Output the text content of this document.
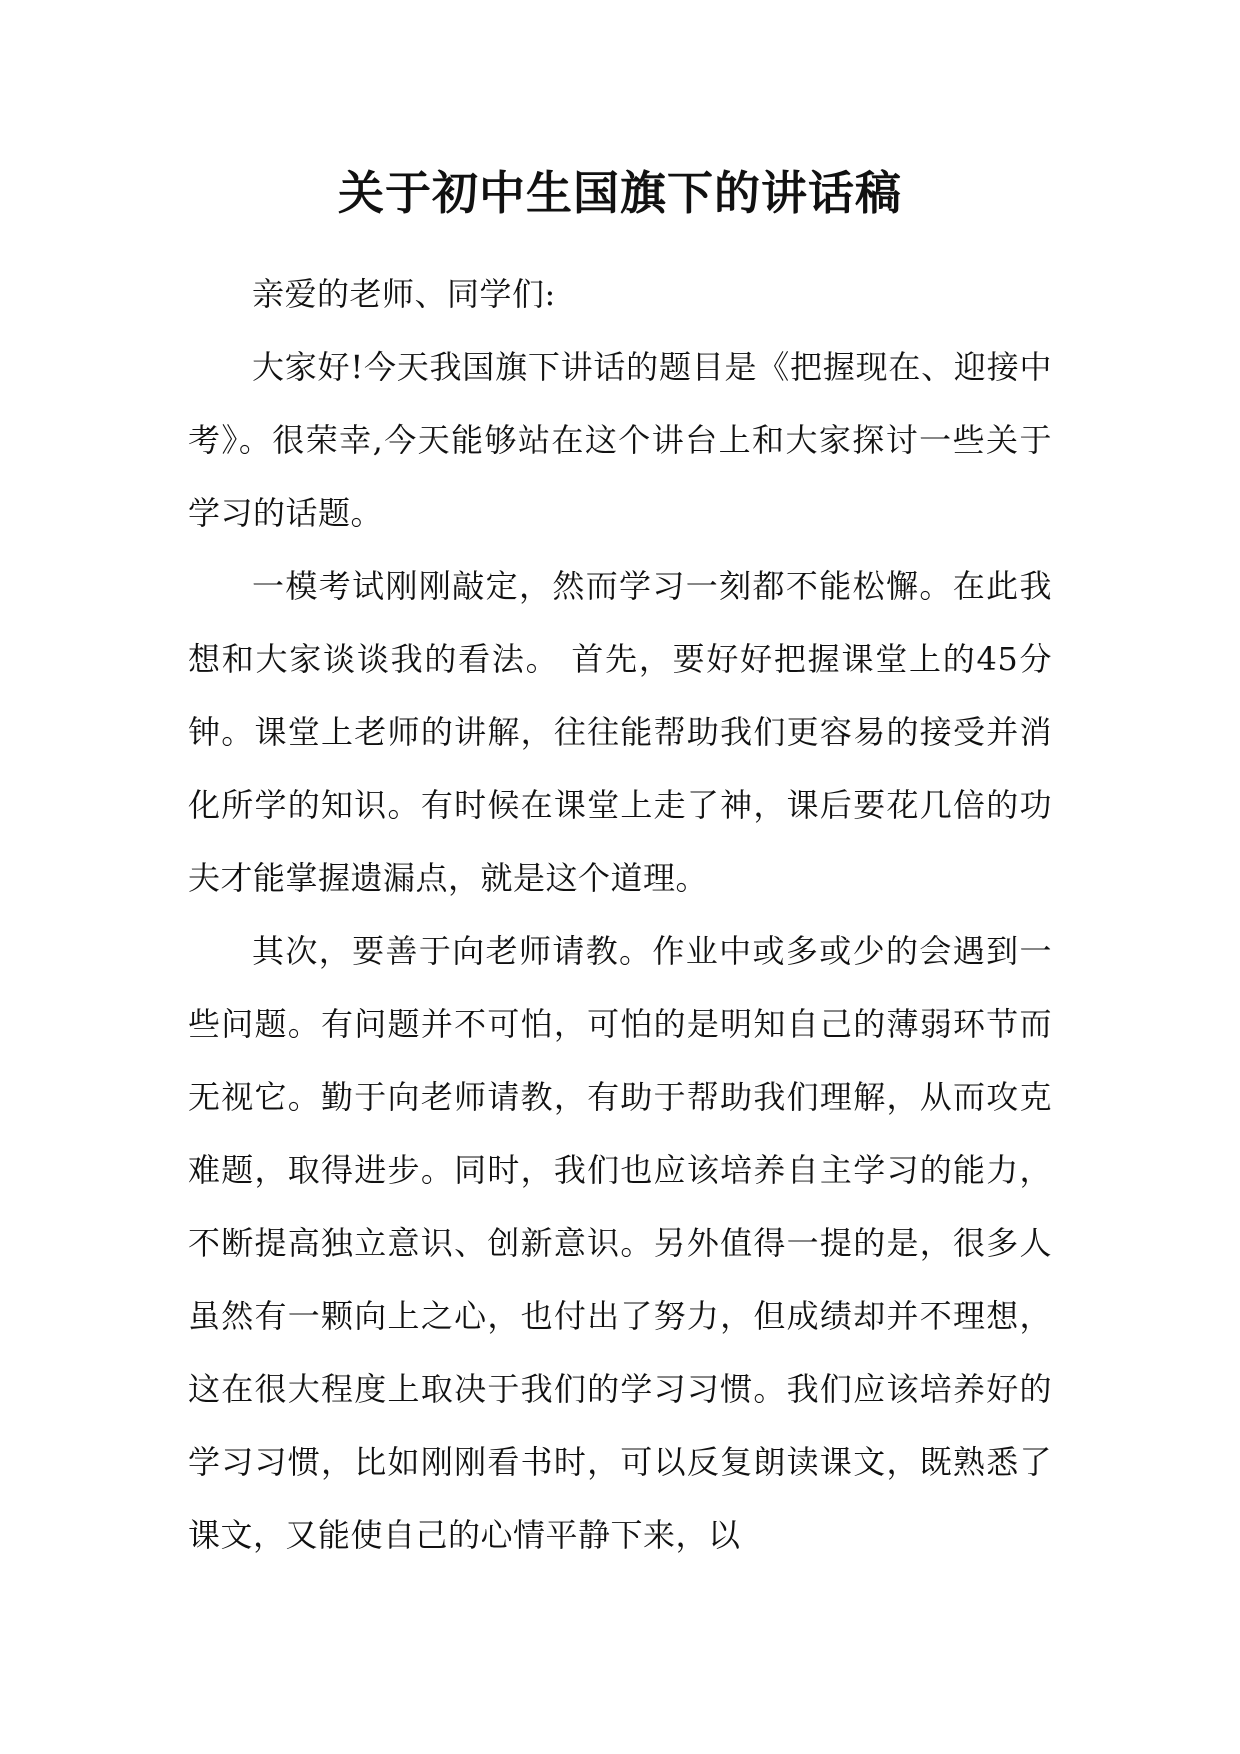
关于初中生国旗下的讲话稿

亲爱的老师、同学们:

大家好!今天我国旗下讲话的题目是《把握现在、迎接中考》。很荣幸,今天能够站在这个讲台上和大家探讨一些关于学习的话题。

一模考试刚刚敲定，然而学习一刻都不能松懈。在此我想和大家谈谈我的看法。 首先，要好好把握课堂上的45分钟。课堂上老师的讲解，往往能帮助我们更容易的接受并消化所学的知识。有时候在课堂上走了神，课后要花几倍的功夫才能掌握遗漏点，就是这个道理。

其次，要善于向老师请教。作业中或多或少的会遇到一些问题。有问题并不可怕，可怕的是明知自己的薄弱环节而无视它。勤于向老师请教，有助于帮助我们理解，从而攻克难题，取得进步。同时，我们也应该培养自主学习的能力，不断提高独立意识、创新意识。另外值得一提的是，很多人虽然有一颗向上之心，也付出了努力，但成绩却并不理想，这在很大程度上取决于我们的学习习惯。我们应该培养好的学习习惯，比如刚刚看书时，可以反复朗读课文，既熟悉了课文，又能使自己的心情平静下来，以
